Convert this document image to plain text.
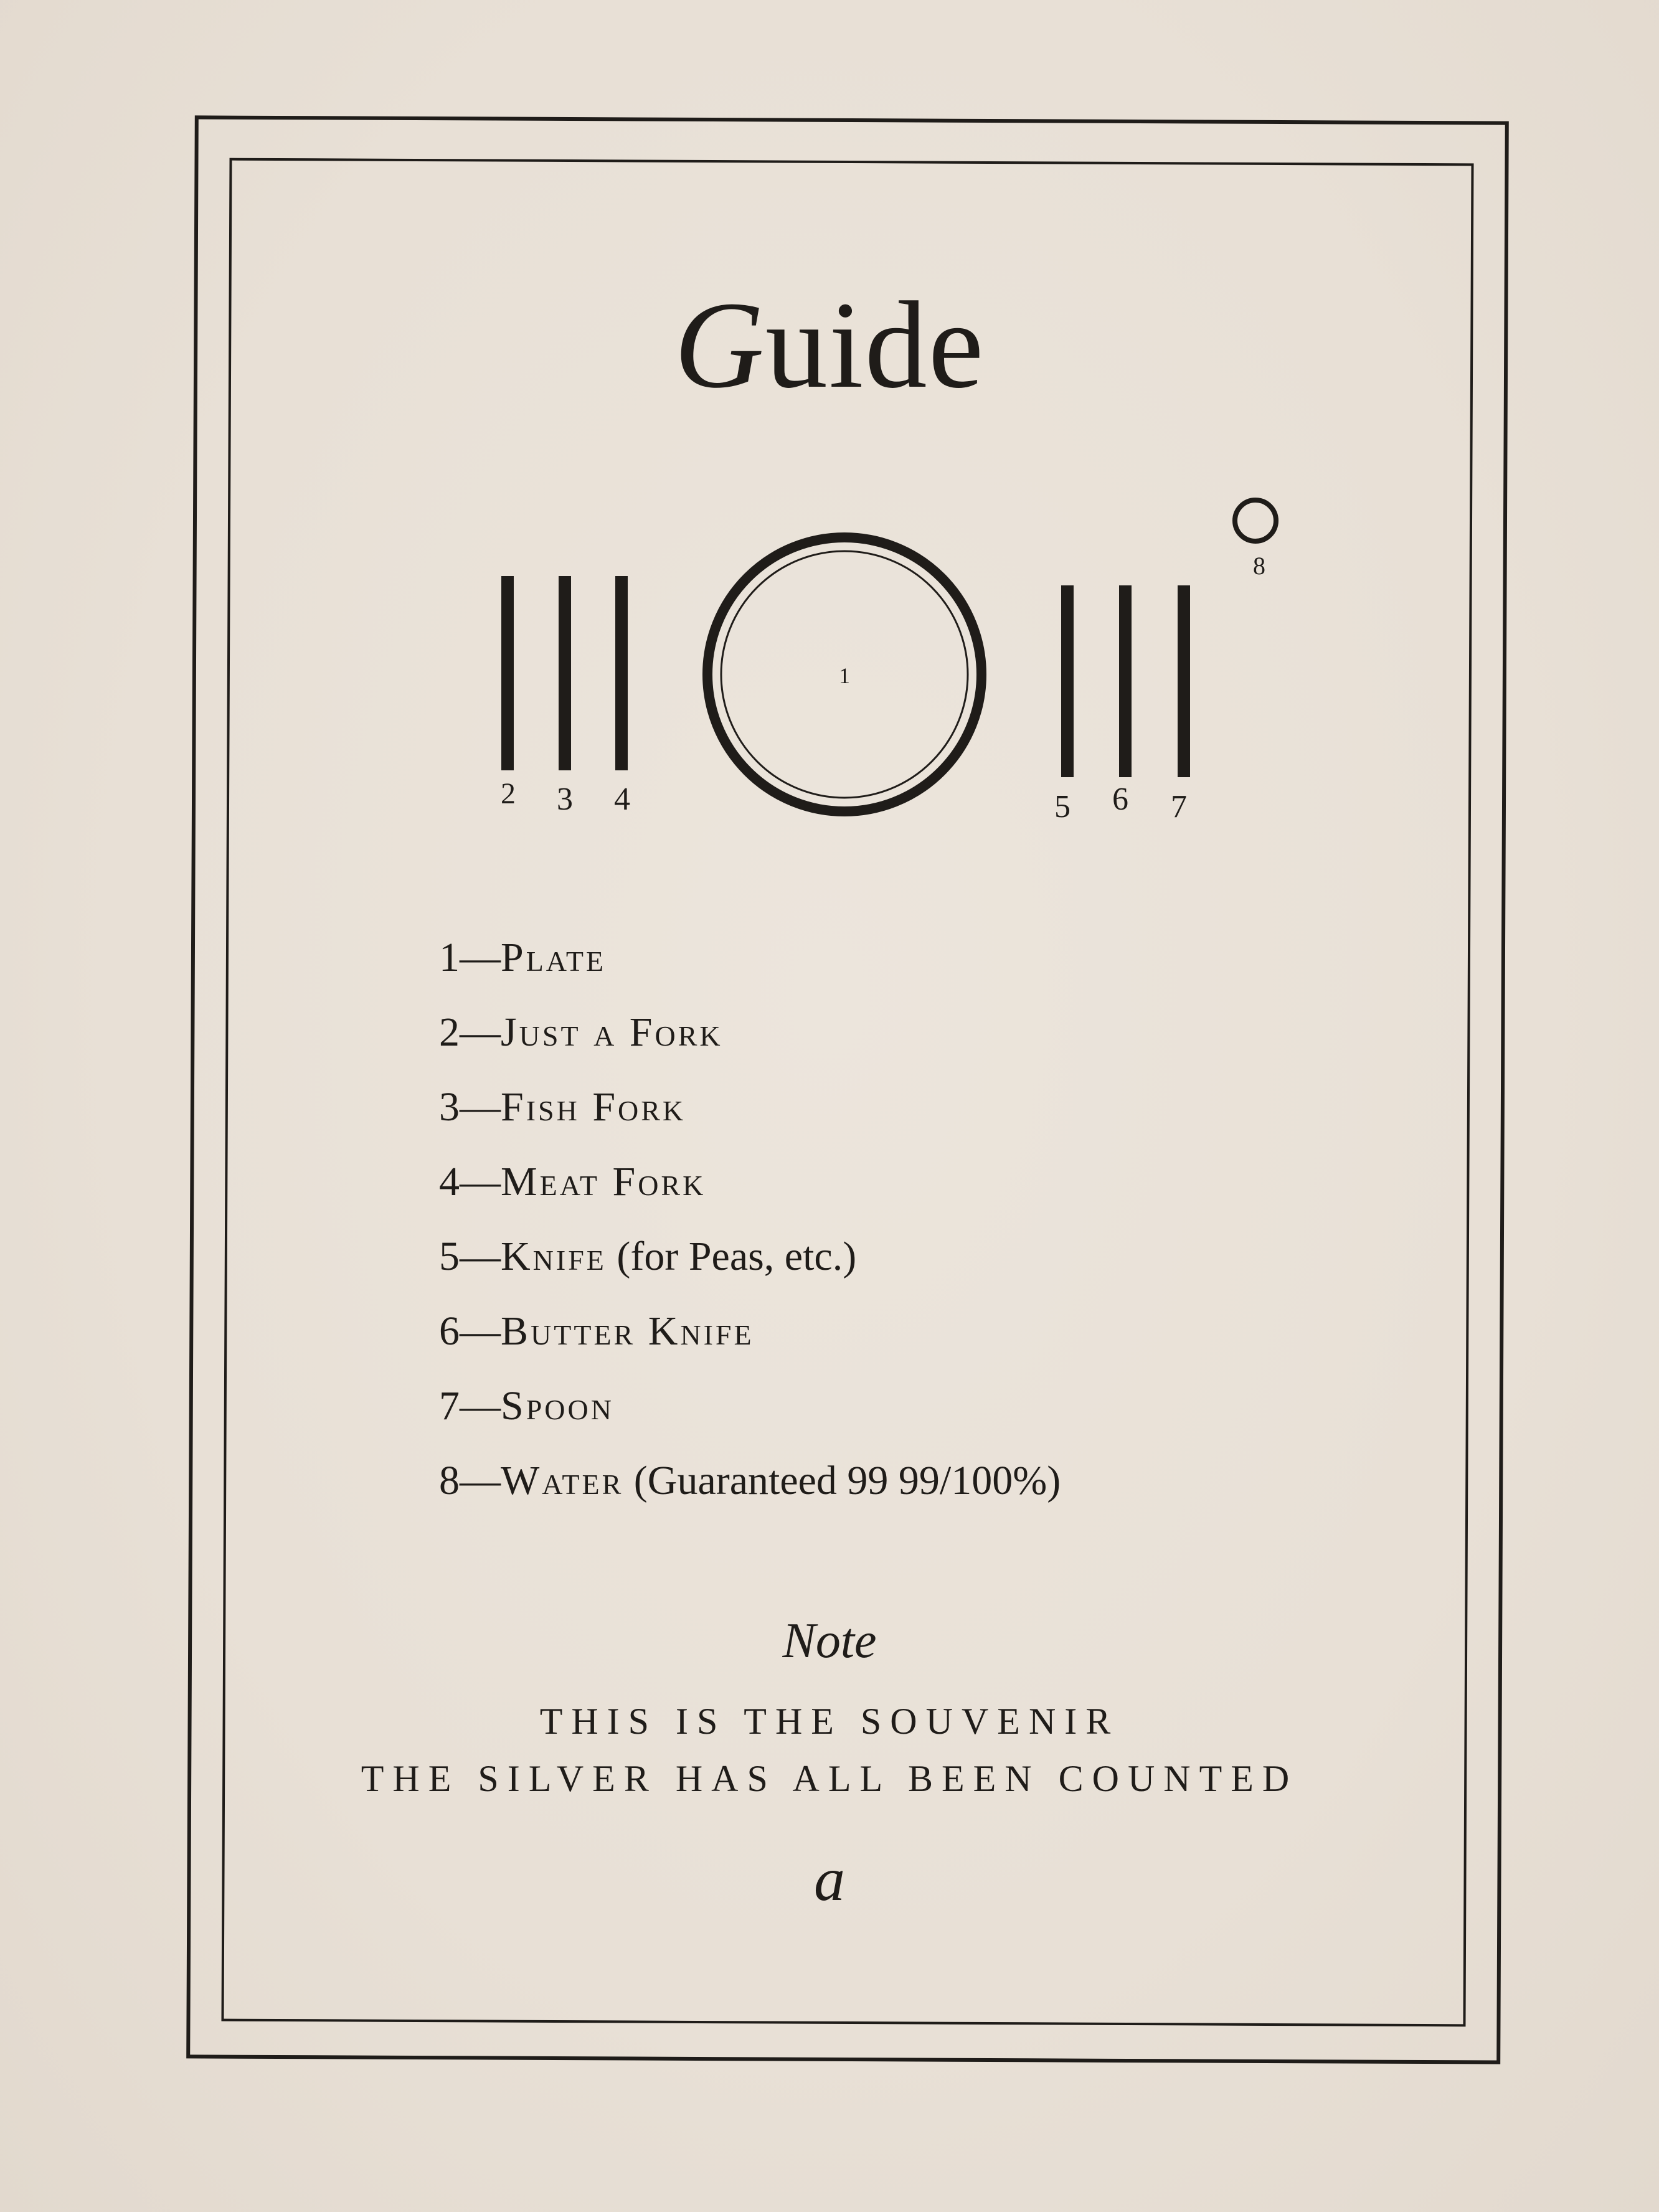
Guide
2 3 4
1
5 6 7
8
1—Plate
2—Just a Fork
3—Fish Fork
4—Meat Fork
5—Knife (for Peas, etc.)
6—Butter Knife
7—Spoon
8—Water (Guaranteed 99 99/100%)
Note
THIS IS THE SOUVENIR
THE SILVER HAS ALL BEEN COUNTED
a
